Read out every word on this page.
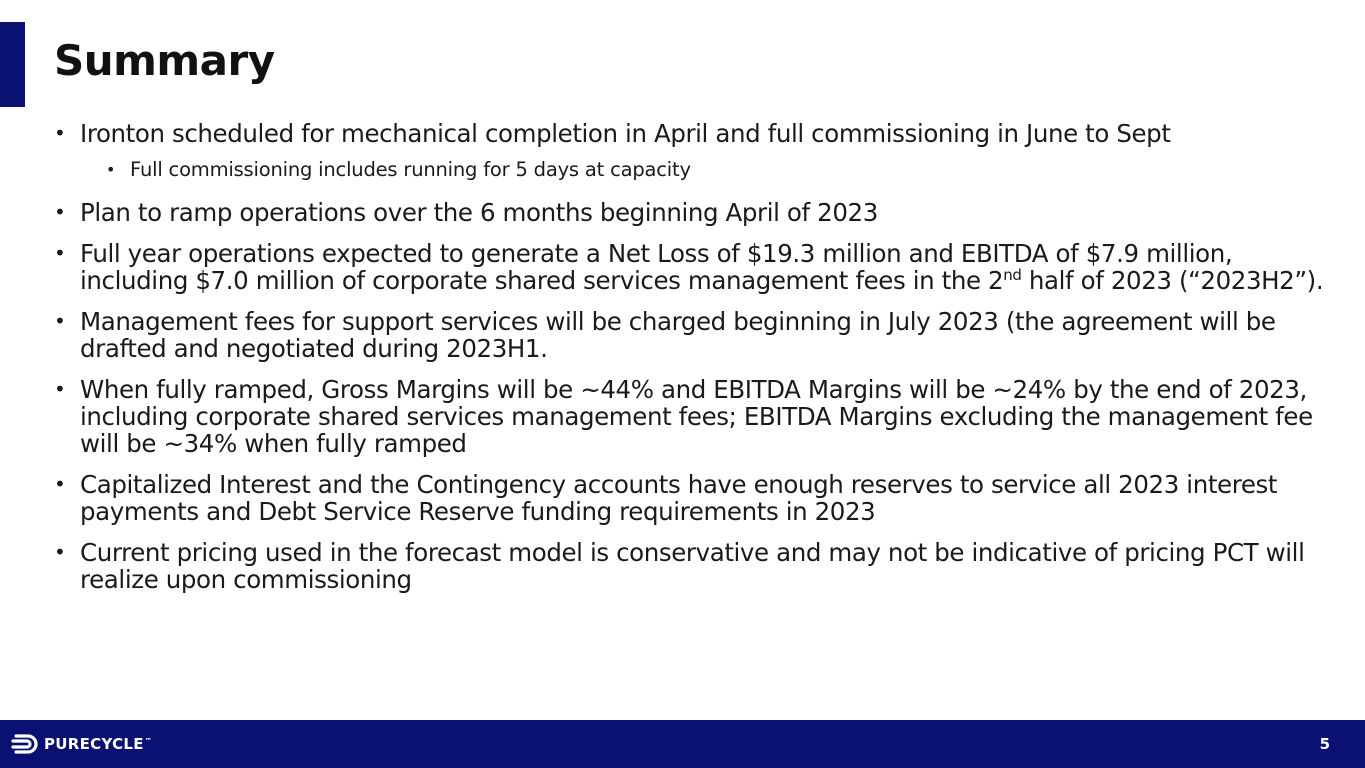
Summary
• Ironton scheduled for mechanical completion in April and full commissioning in June to Sept
• Full commissioning includes running for 5 days at capacity
• Plan to ramp operations over the 6 months beginning April of 2023
• Full year operations expected to generate a Net Loss of $19.3 million and EBITDA of $7.9 million, including $7.0 million of corporate shared services management fees in the 2nd half of 2023 (“2023H2”).
• Management fees for support services will be charged beginning in July 2023 (the agreement will be drafted and negotiated during 2023H1.
• When fully ramped, Gross Margins will be ~44% and EBITDA Margins will be ~24% by the end of 2023, including corporate shared services management fees; EBITDA Margins excluding the management fee will be ~34% when fully ramped
• Capitalized Interest and the Contingency accounts have enough reserves to service all 2023 interest payments and Debt Service Reserve funding requirements in 2023
• Current pricing used in the forecast model is conservative and may not be indicative of pricing PCT will realize upon commissioning
PURECYCLE™	5
